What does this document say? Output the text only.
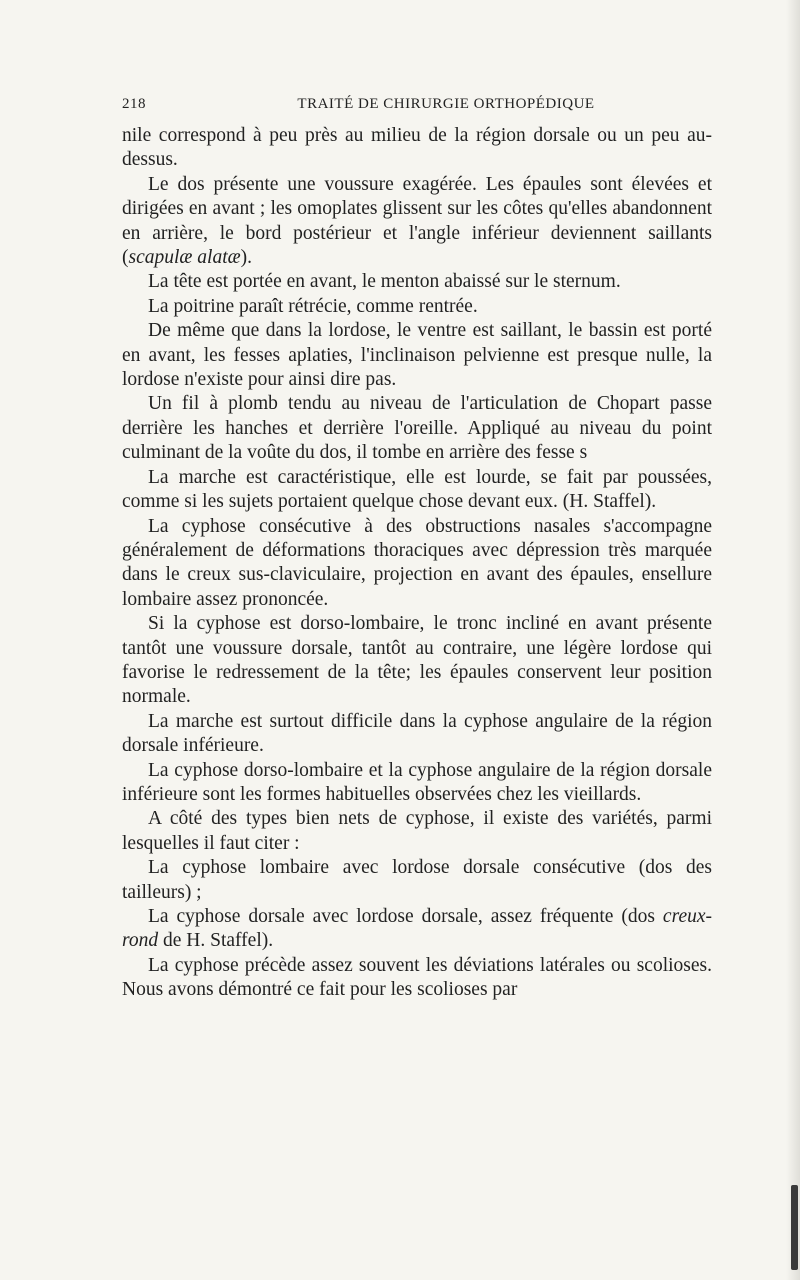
218	TRAITÉ DE CHIRURGIE ORTHOPÉDIQUE

nile correspond à peu près au milieu de la région dorsale ou un peu au-dessus.

Le dos présente une voussure exagérée. Les épaules sont élevées et dirigées en avant ; les omoplates glissent sur les côtes qu'elles abandonnent en arrière, le bord postérieur et l'angle inférieur deviennent saillants (scapulæ alatæ).

La tête est portée en avant, le menton abaissé sur le sternum.

La poitrine paraît rétrécie, comme rentrée.

De même que dans la lordose, le ventre est saillant, le bassin est porté en avant, les fesses aplaties, l'inclinaison pelvienne est presque nulle, la lordose n'existe pour ainsi dire pas.

Un fil à plomb tendu au niveau de l'articulation de Chopart passe derrière les hanches et derrière l'oreille. Appliqué au niveau du point culminant de la voûte du dos, il tombe en arrière des fesse s

La marche est caractéristique, elle est lourde, se fait par poussées, comme si les sujets portaient quelque chose devant eux. (H. Staffel).

La cyphose consécutive à des obstructions nasales s'accompagne généralement de déformations thoraciques avec dépression très marquée dans le creux sus-claviculaire, projection en avant des épaules, ensellure lombaire assez prononcée.

Si la cyphose est dorso-lombaire, le tronc incliné en avant présente tantôt une voussure dorsale, tantôt au contraire, une légère lordose qui favorise le redressement de la tête; les épaules conservent leur position normale.

La marche est surtout difficile dans la cyphose angulaire de la région dorsale inférieure.

La cyphose dorso-lombaire et la cyphose angulaire de la région dorsale inférieure sont les formes habituelles observées chez les vieillards.

A côté des types bien nets de cyphose, il existe des variétés, parmi lesquelles il faut citer :

La cyphose lombaire avec lordose dorsale consécutive (dos des tailleurs) ;

La cyphose dorsale avec lordose dorsale, assez fréquente (dos creux-rond de H. Staffel).

La cyphose précède assez souvent les déviations latérales ou scolioses. Nous avons démontré ce fait pour les scolioses par
